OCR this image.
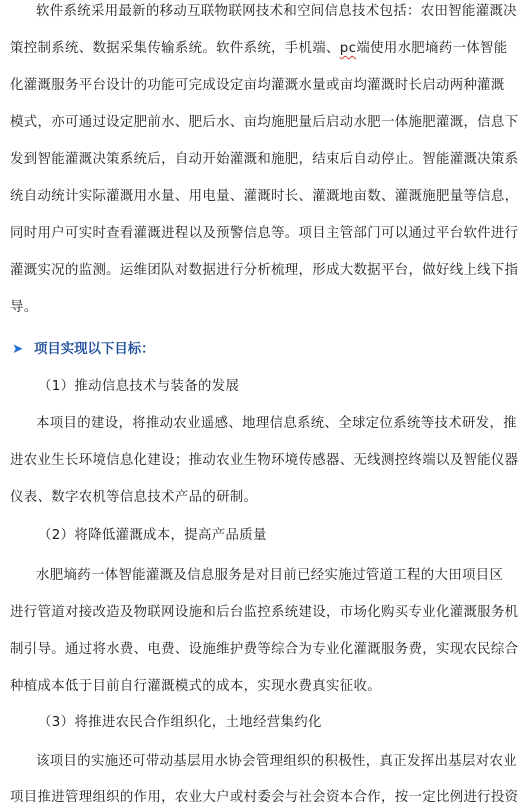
软件系统采用最新的移动互联物联网技术和空间信息技术包括：农田智能灌溉决
策控制系统、数据采集传输系统。软件系统，手机端、pc端使用水肥墒药一体智能
化灌溉服务平台设计的功能可完成设定亩均灌溉水量或亩均灌溉时长启动两种灌溉
模式，亦可通过设定肥前水、肥后水、亩均施肥量后启动水肥一体施肥灌溉，信息下
发到智能灌溉决策系统后，自动开始灌溉和施肥，结束后自动停止。智能灌溉决策系
统自动统计实际灌溉用水量、用电量、灌溉时长、灌溉地亩数、灌溉施肥量等信息，
同时用户可实时查看灌溉进程以及预警信息等。项目主管部门可以通过平台软件进行
灌溉实况的监测。运维团队对数据进行分析梳理，形成大数据平台，做好线上线下指
导。
➤ 项目实现以下目标：
（1）推动信息技术与装备的发展
本项目的建设，将推动农业遥感、地理信息系统、全球定位系统等技术研发，推
进农业生长环境信息化建设；推动农业生物环境传感器、无线测控终端以及智能仪器
仪表、数字农机等信息技术产品的研制。
（2）将降低灌溉成本，提高产品质量
水肥墒药一体智能灌溉及信息服务是对目前已经实施过管道工程的大田项目区
进行管道对接改造及物联网设施和后台监控系统建设，市场化购买专业化灌溉服务机
制引导。通过将水费、电费、设施维护费等综合为专业化灌溉服务费，实现农民综合
种植成本低于目前自行灌溉模式的成本，实现水费真实征收。
（3）将推进农民合作组织化，土地经营集约化
该项目的实施还可带动基层用水协会管理组织的积极性，真正发挥出基层对农业
项目推进管理组织的作用，农业大户或村委会与社会资本合作，按一定比例进行投资
